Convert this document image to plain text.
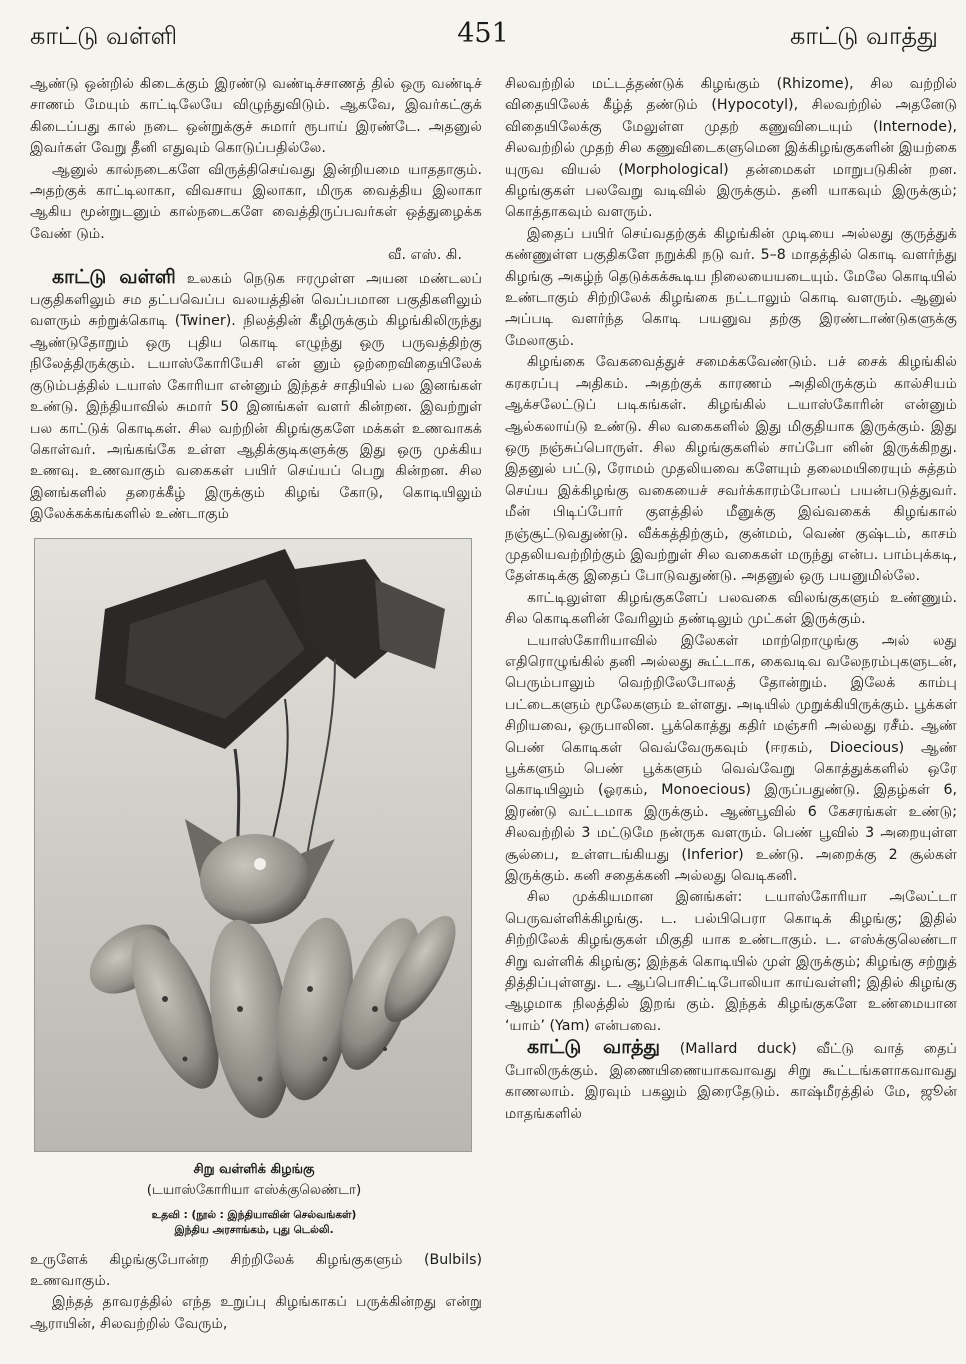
காட்டு வள்ளி	451	காட்டு வாத்து

ஆண்டு ஒன்றில் கிடைக்கும் இரண்டு வண்டிச்சாணத் தில் ஒரு வண்டிச் சாணம் மேயும் காட்டிலேயே விழுந்துவிடும். ஆகவே, இவர்கட்குக் கிடைப்பது கால் நடை ஒன்றுக்குச் சுமார் ரூபாய் இரண்டே. அதனுல் இவர்கள் வேறு தீனி எதுவும் கொடுப்பதில்லே.

ஆனுல் கால்நடைகளே விருத்திசெய்வது இன்றியமை யாததாகும். அதற்குக் காட்டிலாகா, விவசாய இலாகா, மிருக வைத்திய இலாகா ஆகிய மூன்றுடனும் கால்நடைகளே வைத்திருப்பவர்கள் ஒத்துழைக்க வேண் டும்.

வீ. எஸ். கி.

காட்டு வள்ளி உலகம் நெடுக ஈரமுள்ள அயன மண்டலப் பகுதிகளிலும் சம தட்பவெப்ப வலயத்தின் வெப்பமான பகுதிகளிலும் வளரும் சுற்றுக்கொடி (Twiner). நிலத்தின் கீழிருக்கும் கிழங்கிலிருந்து ஆண்டுதோறும் ஒரு புதிய கொடி எழுந்து ஒரு பருவத்திற்கு நிலேத்திருக்கும். டயாஸ்கோரியேசி என் னும் ஒற்றைவிதையிலேக் குடும்பத்தில் டயாஸ் கோரியா என்னும் இந்தச் சாதியில் பல இனங்கள் உண்டு. இந்தியாவில் சுமார் 50 இனங்கள் வளர் கின்றன. இவற்றுள் பல காட்டுக் கொடிகள். சில வற்றின் கிழங்குகளே மக்கள் உணவாகக் கொள்வர். அங்கங்கே உள்ள ஆதிக்குடிகளுக்கு இது ஒரு முக்கிய உணவு. உணவாகும் வகைகள் பயிர் செய்யப் பெறு கின்றன. சில இனங்களில் தரைக்கீழ் இருக்கும் கிழங் கோடு, கொடியிலும் இலேக்கக்கங்களில் உண்டாகும்

சிறு வள்ளிக் கிழங்கு
(டயாஸ்கோரியா எஸ்க்குலெண்டா)
உதவி : (நூல் : இந்தியாவின் செல்வங்கள்)
இந்திய அரசாங்கம், புது டெல்லி.

உருளேக் கிழங்குபோன்ற சிற்றிலேக் கிழங்குகளும் (Bulbils) உணவாகும்.

இந்தத் தாவரத்தில் எந்த உறுப்பு கிழங்காகப் பருக்கின்றது என்று ஆராயின், சிலவற்றில் வேரும்,

சிலவற்றில் மட்டத்தண்டுக் கிழங்கும் (Rhizome), சில வற்றில் விதையிலேக் கீழ்த் தண்டும் (Hypocotyl), சிலவற்றில் அதனேடு விதையிலேக்கு மேலுள்ள முதற் கணுவிடையும் (Internode), சிலவற்றில் முதற் சில கணுவிடைகளுமென இக்கிழங்குகளின் இயற்கை யுருவ வியல் (Morphological) தன்மைகள் மாறுபடுகின் றன. கிழங்குகள் பலவேறு வடிவில் இருக்கும். தனி யாகவும் இருக்கும்; கொத்தாகவும் வளரும்.

இதைப் பயிர் செய்வதற்குக் கிழங்கின் முடியை அல்லது குருத்துக் கண்ணுள்ள பகுதிகளே நறுக்கி நடு வர். 5–8 மாதத்தில் கொடி வளர்ந்து கிழங்கு அகழ்ந் தெடுக்கக்கூடிய நிலையையடையும். மேலே கொடியில் உண்டாகும் சிற்றிலேக் கிழங்கை நட்டாலும் கொடி வளரும். ஆனுல் அப்படி வளர்ந்த கொடி பயனுவ தற்கு இரண்டாண்டுகளுக்கு மேலாகும்.

கிழங்கை வேகவைத்துச் சமைக்கவேண்டும். பச் சைக் கிழங்கில் கரகரப்பு அதிகம். அதற்குக் காரணம் அதிலிருக்கும் கால்சியம் ஆக்சலேட்டுப் படிகங்கள். கிழங்கில் டயாஸ்கோரின் என்னும் ஆல்கலாய்டு உண்டு. சில வகைகளில் இது மிகுதியாக இருக்கும். இது ஒரு நஞ்சுப்பொருள். சில கிழங்குகளில் சாப்போ னின் இருக்கிறது. இதனுல் பட்டு, ரோமம் முதலியவை களேயும் தலைமயிரையும் சுத்தம் செய்ய இக்கிழங்கு வகையைச் சவர்க்காரம்போலப் பயன்படுத்துவர். மீன் பிடிப்போர் குளத்தில் மீனுக்கு இவ்வகைக் கிழங்கால் நஞ்சூட்டுவதுண்டு. வீக்கத்திற்கும், குன்மம், வெண் குஷ்டம், காசம் முதலியவற்றிற்கும் இவற்றுள் சில வகைகள் மருந்து என்ப. பாம்புக்கடி, தேள்கடிக்கு இதைப் போடுவதுண்டு. அதனுல் ஒரு பயனுமில்லே.

காட்டிலுள்ள கிழங்குகளேப் பலவகை விலங்குகளும் உண்ணும். சில கொடிகளின் வேரிலும் தண்டிலும் முட்கள் இருக்கும்.

டயாஸ்கோரியாவில் இலேகள் மாற்றொழுங்கு அல் லது எதிரொழுங்கில் தனி அல்லது கூட்டாக, கைவடிவ வலேநரம்புகளுடன், பெரும்பாலும் வெற்றிலேபோலத் தோன்றும். இலேக் காம்பு பட்டைகளும் மூலேகளும் உள்ளது. அடியில் முறுக்கியிருக்கும். பூக்கள் சிறியவை, ஒருபாலின. பூக்கொத்து கதிர் மஞ்சரி அல்லது ரசீம். ஆண் பெண் கொடிகள் வெவ்வேருகவும் (ஈரகம், Dioecious) ஆண் பூக்களும் பெண் பூக்களும் வெவ்வேறு கொத்துக்களில் ஒரே கொடியிலும் (ஓரகம், Monoecious) இருப்பதுண்டு. இதழ்கள் 6, இரண்டு வட்டமாக இருக்கும். ஆண்பூவில் 6 கேசரங்கள் உண்டு; சிலவற்றில் 3 மட்டுமே நன்ருக வளரும். பெண் பூவில் 3 அறையுள்ள சூல்பை, உள்ளடங்கியது (Inferior) உண்டு. அறைக்கு 2 சூல்கள் இருக்கும். கனி சதைக்கனி அல்லது வெடிகனி.

சில முக்கியமான இனங்கள்: டயாஸ்கோரியா அலேட்டா பெருவள்ளிக்கிழங்கு. ட. பல்பிபெரா கொடிக் கிழங்கு; இதில் சிற்றிலேக் கிழங்குகள் மிகுதி யாக உண்டாகும். ட. எஸ்க்குலெண்டா சிறு வள்ளிக் கிழங்கு; இந்தக் கொடியில் முள் இருக்கும்; கிழங்கு சற்றுத் தித்திப்புள்ளது. ட. ஆப்பொசிட்டிபோலியா காய்வள்ளி; இதில் கிழங்கு ஆழமாக நிலத்தில் இறங் கும். இந்தக் கிழங்குகளே உண்மையான ‘யாம்’ (Yam) என்பவை.

காட்டு வாத்து (Mallard duck) வீட்டு வாத் தைப் போலிருக்கும். இணையிணையாகவாவது சிறு கூட்டங்களாகவாவது காணலாம். இரவும் பகலும் இரைதேடும். காஷ்மீரத்தில் மே, ஜூன் மாதங்களில்
